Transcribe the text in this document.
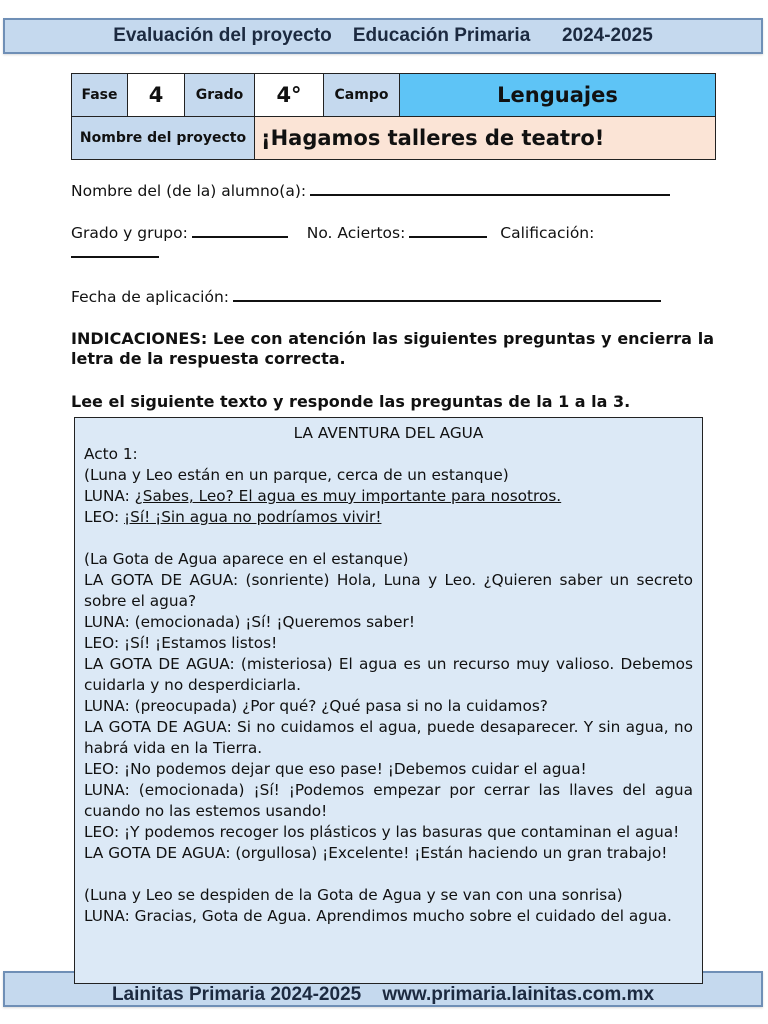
Evaluación del proyecto    Educación Primaria      2024-2025
Fase	4	Grado	4°	Campo	Lenguajes
Nombre del proyecto			¡Hagamos talleres de teatro!		
Nombre del (de la) alumno(a):
Grado y grupo:	No. Aciertos:	Calificación:
Fecha de aplicación:
INDICACIONES: Lee con atención las siguientes preguntas y encierra la letra de la respuesta correcta.
Lee el siguiente texto y responde las preguntas de la 1 a la 3.
LA AVENTURA DEL AGUA
Acto 1:
(Luna y Leo están en un parque, cerca de un estanque)
LUNA: ¿Sabes, Leo? El agua es muy importante para nosotros.
LEO: ¡Sí! ¡Sin agua no podríamos vivir!
(La Gota de Agua aparece en el estanque)
LA GOTA DE AGUA: (sonriente) Hola, Luna y Leo. ¿Quieren saber un secreto sobre el agua?
LUNA: (emocionada) ¡Sí! ¡Queremos saber!
LEO: ¡Sí! ¡Estamos listos!
LA GOTA DE AGUA: (misteriosa) El agua es un recurso muy valioso. Debemos cuidarla y no desperdiciarla.
LUNA: (preocupada) ¿Por qué? ¿Qué pasa si no la cuidamos?
LA GOTA DE AGUA: Si no cuidamos el agua, puede desaparecer. Y sin agua, no habrá vida en la Tierra.
LEO: ¡No podemos dejar que eso pase! ¡Debemos cuidar el agua!
LUNA: (emocionada) ¡Sí! ¡Podemos empezar por cerrar las llaves del agua cuando no las estemos usando!
LEO: ¡Y podemos recoger los plásticos y las basuras que contaminan el agua!
LA GOTA DE AGUA: (orgullosa) ¡Excelente! ¡Están haciendo un gran trabajo!
(Luna y Leo se despiden de la Gota de Agua y se van con una sonrisa)
LUNA: Gracias, Gota de Agua. Aprendimos mucho sobre el cuidado del agua.
Lainitas Primaria 2024-2025    www.primaria.lainitas.com.mx
